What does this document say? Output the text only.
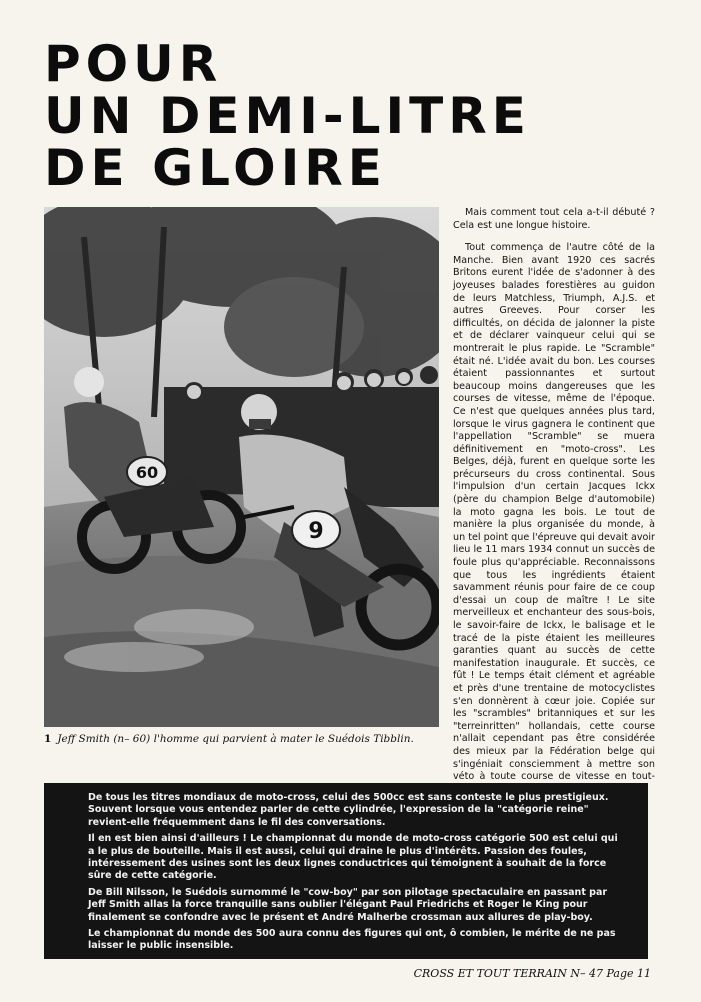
POUR
UN DEMI-LITRE
DE GLOIRE
60
9
1 Jeff Smith (n– 60) l'homme qui parvient à mater le Suédois Tibblin.

Mais comment tout cela a-t-il débuté ? Cela est une longue histoire.

Tout commença de l'autre côté de la Manche. Bien avant 1920 ces sacrés Britons eurent l'idée de s'adonner à des joyeuses balades forestières au guidon de leurs Matchless, Triumph, A.J.S. et autres Greeves. Pour corser les difficultés, on décida de jalonner la piste et de déclarer vainqueur celui qui se montrerait le plus rapide. Le "Scramble" était né. L'idée avait du bon. Les courses étaient passionnantes et surtout beaucoup moins dangereuses que les courses de vitesse, même de l'époque. Ce n'est que quelques années plus tard, lorsque le virus gagnera le continent que l'appellation "Scramble" se muera définitivement en "moto-cross". Les Belges, déjà, furent en quelque sorte les précurseurs du cross continental. Sous l'impulsion d'un certain Jacques Ickx (père du champion Belge d'automobile) la moto gagna les bois. Le tout de manière la plus organisée du monde, à un tel point que l'épreuve qui devait avoir lieu le 11 mars 1934 connut un succès de foule plus qu'appréciable. Reconnaissons que tous les ingrédients étaient savamment réunis pour faire de ce coup d'essai un coup de maître ! Le site merveilleux et enchanteur des sous-bois, le savoir-faire de Ickx, le balisage et le tracé de la piste étaient les meilleures garanties quant au succès de cette manifestation inaugurale. Et succès, ce fût ! Le temps était clément et agréable et près d'une trentaine de motocyclistes s'en donnèrent à cœur joie. Copiée sur les "scrambles" britanniques et sur les "terreinritten" hollandais, cette course n'allait cependant pas être considérée des mieux par la Fédération belge qui s'ingéniait consciemment à mettre son véto à toute course de vitesse en tout-

De tous les titres mondiaux de moto-cross, celui des 500cc est sans conteste le plus prestigieux. Souvent lorsque vous entendez parler de cette cylindrée, l'expression de la "catégorie reine" revient-elle fréquemment dans le fil des conversations.

Il en est bien ainsi d'ailleurs ! Le championnat du monde de moto-cross catégorie 500 est celui qui a le plus de bouteille. Mais il est aussi, celui qui draine le plus d'intérêts. Passion des foules, intéressement des usines sont les deux lignes conductrices qui témoignent à souhait de la force sûre de cette catégorie.

De Bill Nilsson, le Suédois surnommé le "cow-boy" par son pilotage spectaculaire en passant par Jeff Smith allas la force tranquille sans oublier l'élégant Paul Friedrichs et Roger le King pour finalement se confondre avec le présent et André Malherbe crossman aux allures de play-boy.

Le championnat du monde des 500 aura connu des figures qui ont, ô combien, le mérite de ne pas laisser le public insensible.

CROSS ET TOUT TERRAIN N– 47 Page 11
